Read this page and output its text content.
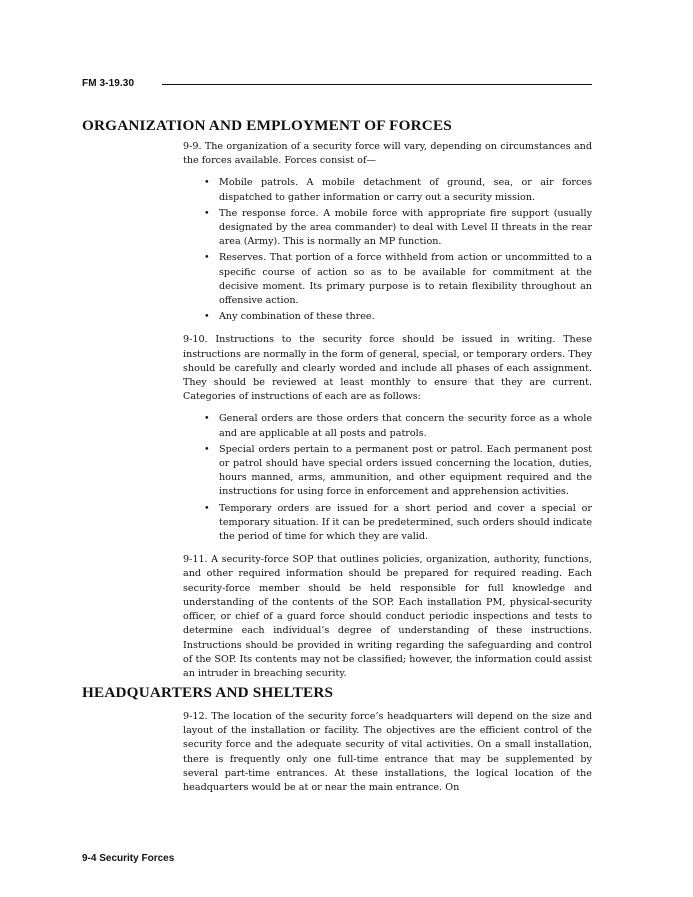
FM 3-19.30
ORGANIZATION AND EMPLOYMENT OF FORCES

9-9. The organization of a security force will vary, depending on circumstances and the forces available. Forces consist of—

• Mobile patrols. A mobile detachment of ground, sea, or air forces dispatched to gather information or carry out a security mission.
• The response force. A mobile force with appropriate fire support (usually designated by the area commander) to deal with Level II threats in the rear area (Army). This is normally an MP function.
• Reserves. That portion of a force withheld from action or uncommitted to a specific course of action so as to be available for commitment at the decisive moment. Its primary purpose is to retain flexibility throughout an offensive action.
• Any combination of these three.

9-10. Instructions to the security force should be issued in writing. These instructions are normally in the form of general, special, or temporary orders. They should be carefully and clearly worded and include all phases of each assignment. They should be reviewed at least monthly to ensure that they are current. Categories of instructions of each are as follows:

• General orders are those orders that concern the security force as a whole and are applicable at all posts and patrols.
• Special orders pertain to a permanent post or patrol. Each permanent post or patrol should have special orders issued concerning the location, duties, hours manned, arms, ammunition, and other equipment required and the instructions for using force in enforcement and apprehension activities.
• Temporary orders are issued for a short period and cover a special or temporary situation. If it can be predetermined, such orders should indicate the period of time for which they are valid.

9-11. A security-force SOP that outlines policies, organization, authority, functions, and other required information should be prepared for required reading. Each security-force member should be held responsible for full knowledge and understanding of the contents of the SOP. Each installation PM, physical-security officer, or chief of a guard force should conduct periodic inspections and tests to determine each individual’s degree of understanding of these instructions. Instructions should be provided in writing regarding the safeguarding and control of the SOP. Its contents may not be classified; however, the information could assist an intruder in breaching security.

HEADQUARTERS AND SHELTERS

9-12. The location of the security force’s headquarters will depend on the size and layout of the installation or facility. The objectives are the efficient control of the security force and the adequate security of vital activities. On a small installation, there is frequently only one full-time entrance that may be supplemented by several part-time entrances. At these installations, the logical location of the headquarters would be at or near the main entrance. On

9-4 Security Forces
